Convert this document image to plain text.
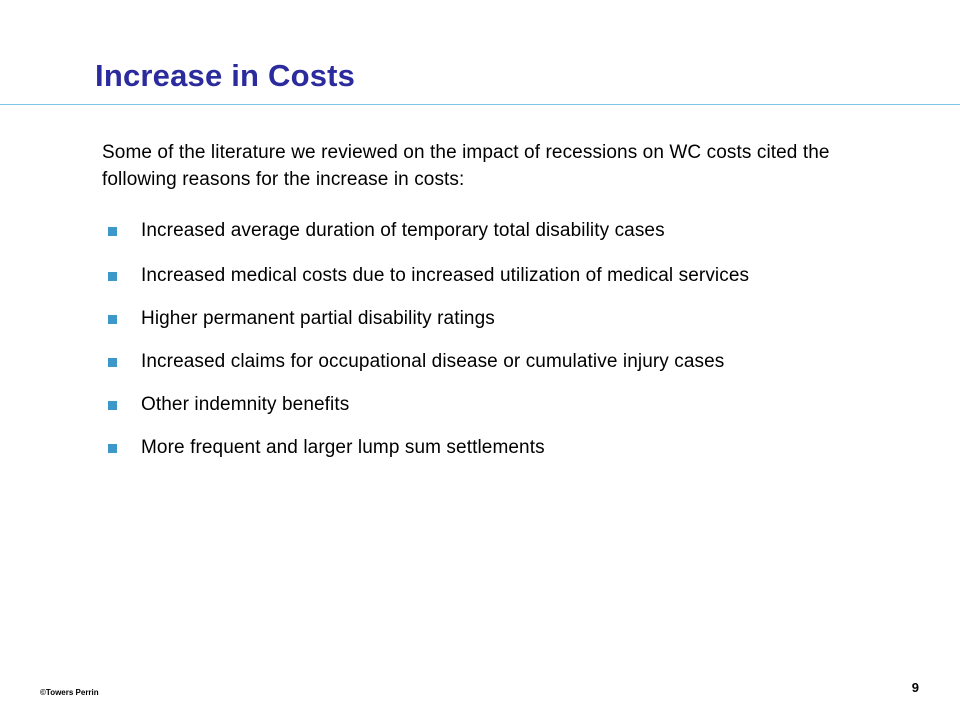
Increase in Costs

Some of the literature we reviewed on the impact of recessions on WC costs cited the following reasons for the increase in costs:

Increased average duration of temporary total disability cases
Increased medical costs due to increased utilization of medical services
Higher permanent partial disability ratings
Increased claims for occupational disease or cumulative injury cases
Other indemnity benefits
More frequent and larger lump sum settlements
©Towers Perrin	9
